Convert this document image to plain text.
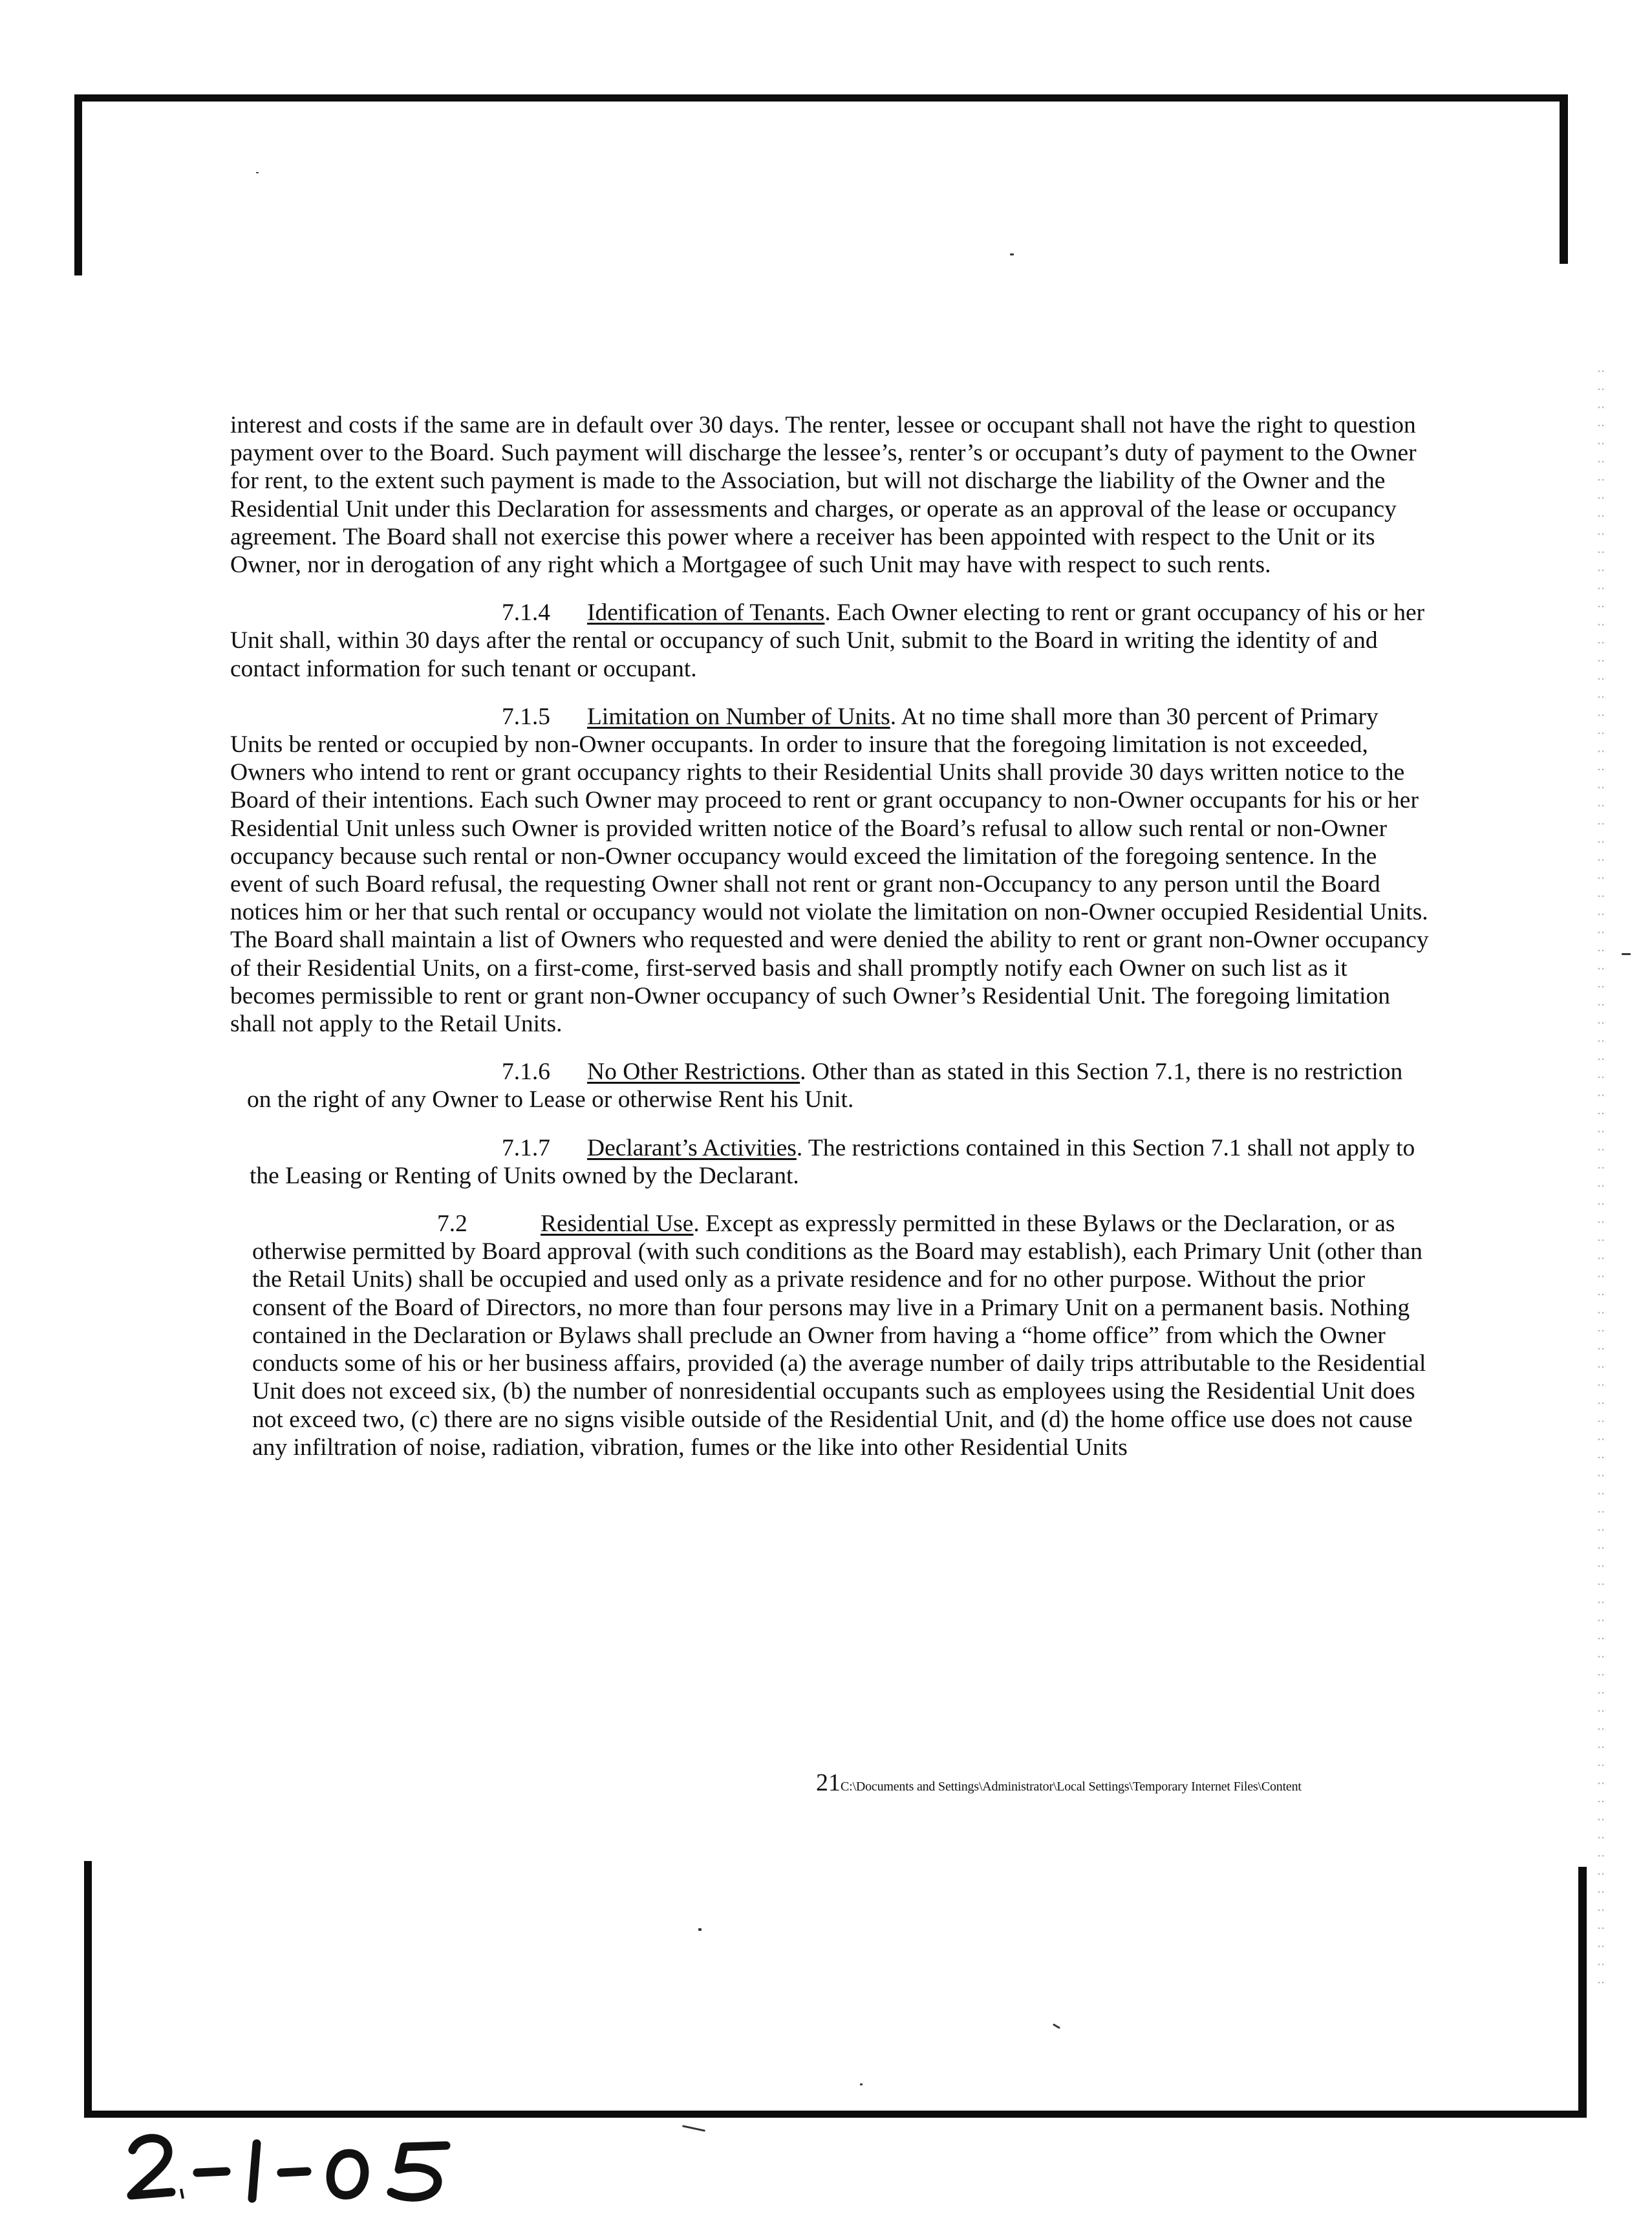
interest and costs if the same are in default over 30 days. The renter, lessee or occupant shall not have the right to question payment over to the Board. Such payment will discharge the lessee’s, renter’s or occupant’s duty of payment to the Owner for rent, to the extent such payment is made to the Association, but will not discharge the liability of the Owner and the Residential Unit under this Declaration for assessments and charges, or operate as an approval of the lease or occupancy agreement. The Board shall not exercise this power where a receiver has been appointed with respect to the Unit or its Owner, nor in derogation of any right which a Mortgagee of such Unit may have with respect to such rents.

7.1.4 Identification of Tenants. Each Owner electing to rent or grant occupancy of his or her Unit shall, within 30 days after the rental or occupancy of such Unit, submit to the Board in writing the identity of and contact information for such tenant or occupant.

7.1.5 Limitation on Number of Units. At no time shall more than 30 percent of Primary Units be rented or occupied by non-Owner occupants. In order to insure that the foregoing limitation is not exceeded, Owners who intend to rent or grant occupancy rights to their Residential Units shall provide 30 days written notice to the Board of their intentions. Each such Owner may proceed to rent or grant occupancy to non-Owner occupants for his or her Residential Unit unless such Owner is provided written notice of the Board’s refusal to allow such rental or non-Owner occupancy because such rental or non-Owner occupancy would exceed the limitation of the foregoing sentence. In the event of such Board refusal, the requesting Owner shall not rent or grant non-Occupancy to any person until the Board notices him or her that such rental or occupancy would not violate the limitation on non-Owner occupied Residential Units. The Board shall maintain a list of Owners who requested and were denied the ability to rent or grant non-Owner occupancy of their Residential Units, on a first-come, first-served basis and shall promptly notify each Owner on such list as it becomes permissible to rent or grant non-Owner occupancy of such Owner’s Residential Unit. The foregoing limitation shall not apply to the Retail Units.

7.1.6 No Other Restrictions. Other than as stated in this Section 7.1, there is no restriction on the right of any Owner to Lease or otherwise Rent his Unit.

7.1.7 Declarant’s Activities. The restrictions contained in this Section 7.1 shall not apply to the Leasing or Renting of Units owned by the Declarant.

7.2	Residential Use. Except as expressly permitted in these Bylaws or the Declaration, or as otherwise permitted by Board approval (with such conditions as the Board may establish), each Primary Unit (other than the Retail Units) shall be occupied and used only as a private residence and for no other purpose. Without the prior consent of the Board of Directors, no more than four persons may live in a Primary Unit on a permanent basis. Nothing contained in the Declaration or Bylaws shall preclude an Owner from having a “home office” from which the Owner conducts some of his or her business affairs, provided (a) the average number of daily trips attributable to the Residential Unit does not exceed six, (b) the number of nonresidential occupants such as employees using the Residential Unit does not exceed two, (c) there are no signs visible outside of the Residential Unit, and (d) the home office use does not cause any infiltration of noise, radiation, vibration, fumes or the like into other Residential Units

21C:\Documents and Settings\Administrator\Local Settings\Temporary Internet Files\Content
